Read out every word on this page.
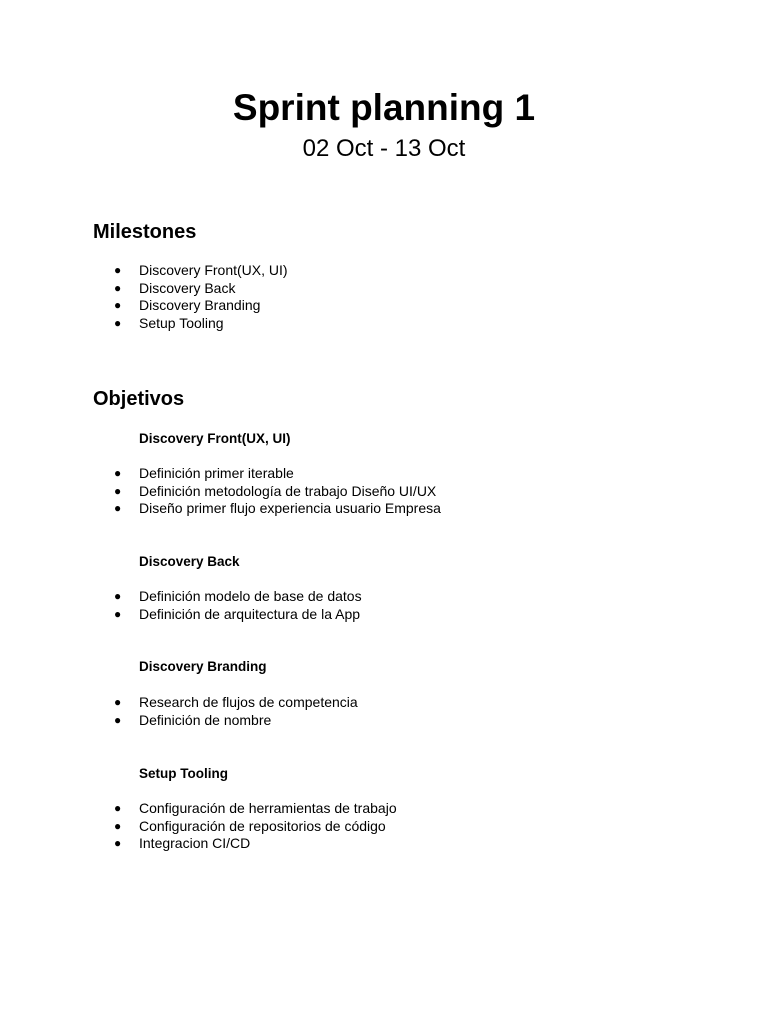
Sprint planning 1
02 Oct - 13 Oct
Milestones
● Discovery Front(UX, UI)
● Discovery Back
● Discovery Branding
● Setup Tooling
Objetivos
Discovery Front(UX, UI)
● Definición primer iterable
● Definición metodología de trabajo Diseño UI/UX
● Diseño primer flujo experiencia usuario Empresa
Discovery Back
● Definición modelo de base de datos
● Definición de arquitectura de la App
Discovery Branding
● Research de flujos de competencia
● Definición de nombre
Setup Tooling
● Configuración de herramientas de trabajo
● Configuración de repositorios de código
● Integracion CI/CD
